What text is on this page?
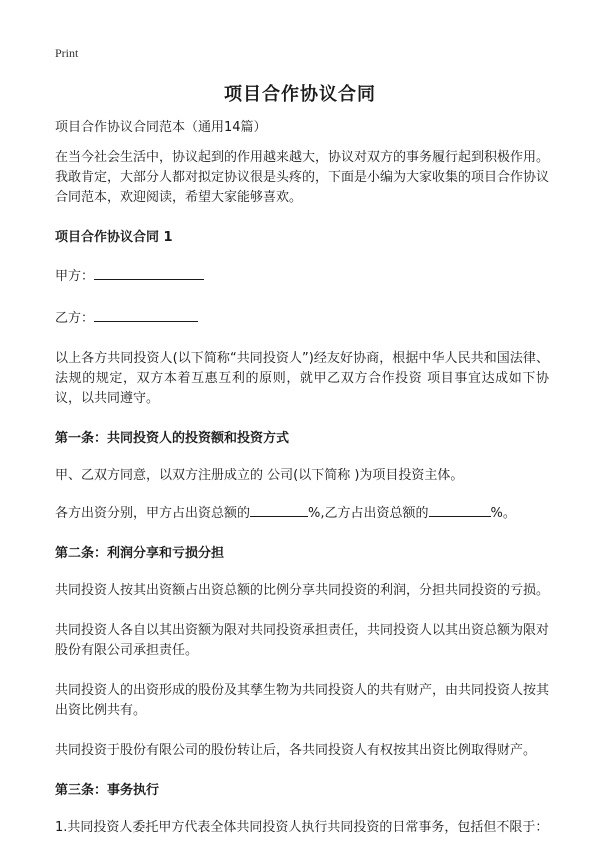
Print
项目合作协议合同

项目合作协议合同范本（通用14篇）

在当今社会生活中，协议起到的作用越来越大，协议对双方的事务履行起到积极作用。我敢肯定，大部分人都对拟定协议很是头疼的，下面是小编为大家收集的项目合作协议合同范本，欢迎阅读，希望大家能够喜欢。

项目合作协议合同 1

甲方：

乙方：

以上各方共同投资人(以下简称“共同投资人”)经友好协商，根据中华人民共和国法律、法规的规定，双方本着互惠互利的原则，就甲乙双方合作投资 项目事宜达成如下协议，以共同遵守。

第一条：共同投资人的投资额和投资方式

甲、乙双方同意，以双方注册成立的 公司(以下简称 )为项目投资主体。

各方出资分别，甲方占出资总额的	%,乙方占出资总额的	%。

第二条：利润分享和亏损分担

共同投资人按其出资额占出资总额的比例分享共同投资的利润，分担共同投资的亏损。

共同投资人各自以其出资额为限对共同投资承担责任，共同投资人以其出资总额为限对股份有限公司承担责任。

共同投资人的出资形成的股份及其孳生物为共同投资人的共有财产，由共同投资人按其出资比例共有。

共同投资于股份有限公司的股份转让后，各共同投资人有权按其出资比例取得财产。

第三条：事务执行

1.共同投资人委托甲方代表全体共同投资人执行共同投资的日常事务，包括但不限于：
